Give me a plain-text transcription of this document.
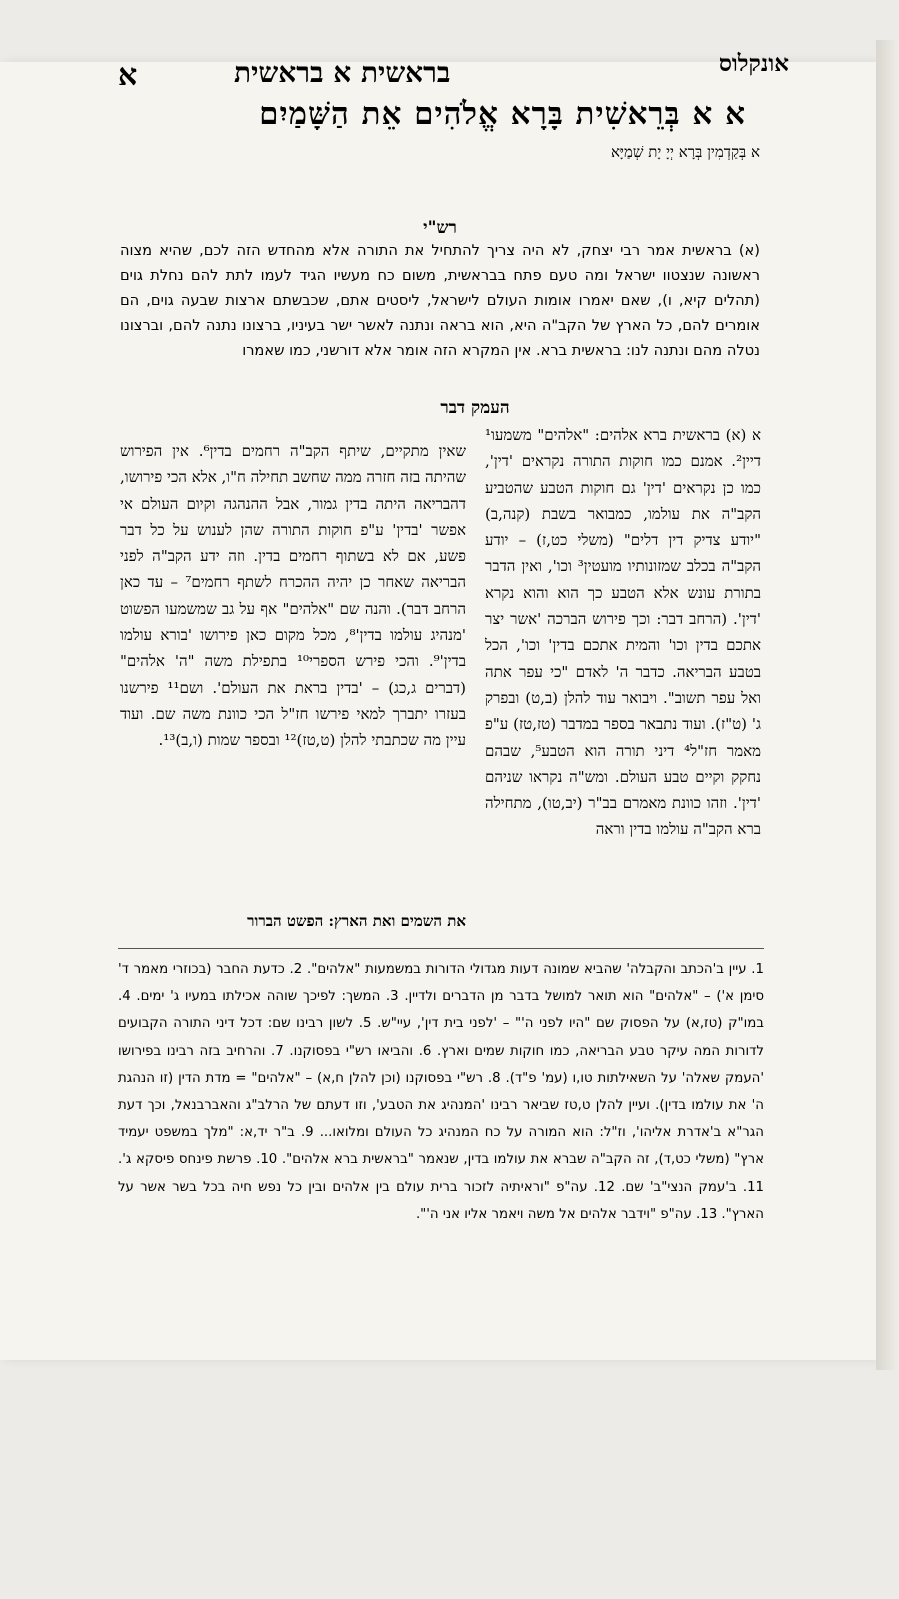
אונקלוס
בראשית א בראשית
א
א א בְּרֵאשִׁית בָּרָא אֱלֹהִים אֵת הַשָּׁמַיִם
א בְּקַדְמִין בְּרָא יְיָ יָת שְׁמַיָּא
רש"י
(א) בראשית אמר רבי יצחק, לא היה צריך להתחיל את התורה אלא מהחדש הזה לכם, שהיא מצוה ראשונה שנצטוו ישראל ומה טעם פתח בבראשית, משום כח מעשיו הגיד לעמו לתת להם נחלת גוים (תהלים קיא, ו), שאם יאמרו אומות העולם לישראל, ליסטים אתם, שכבשתם ארצות שבעה גוים, הם אומרים להם, כל הארץ של הקב"ה היא, הוא בראה ונתנה לאשר ישר בעיניו, ברצונו נתנה להם, וברצונו נטלה מהם ונתנה לנו: בראשית ברא. אין המקרא הזה אומר אלא דורשני, כמו שאמרו
העמק דבר
א (א) בראשית ברא אלהים: "אלהים" משמעו¹ דיין². אמנם כמו חוקות התורה נקראים 'דין', כמו כן נקראים 'דין' גם חוקות הטבע שהטביע הקב"ה את עולמו, כמבואר בשבת (קנה,ב) "יודע צדיק דין דלים" (משלי כט,ז) – יודע הקב"ה בכלב שמזונותיו מועטין³ וכו', ואין הדבר בתורת עונש אלא הטבע כך הוא והוא נקרא 'דין'. (הרחב דבר: וכך פירוש הברכה 'אשר יצר אתכם בדין וכו' והמית אתכם בדין' וכו', הכל בטבע הבריאה. כדבר ה' לאדם "כי עפר אתה ואל עפר תשוב". ויבואר עוד להלן (ב,ט) ובפרק ג' (ט"ז). ועוד נתבאר בספר במדבר (טז,טז) ע"פ מאמר חז"ל⁴ דיני תורה הוא הטבע⁵, שבהם נחקק וקיים טבע העולם. ומש"ה נקראו שניהם 'דין'. וזהו כוונת מאמרם בב"ר (יב,טו), מתחילה ברא הקב"ה עולמו בדין וראה
שאין מתקיים, שיתף הקב"ה רחמים בדין⁶. אין הפירוש שהיתה בזה חזרה ממה שחשב תחילה ח"ו, אלא הכי פירושו, דהבריאה היתה בדין גמור, אבל ההנהגה וקיום העולם אי אפשר 'בדין' ע"פ חוקות התורה שהן לענוש על כל דבר פשע, אם לא בשתוף רחמים בדין. וזה ידע הקב"ה לפני הבריאה שאחר כן יהיה ההכרח לשתף רחמים⁷ – עד כאן הרחב דבר). והנה שם "אלהים" אף על גב שמשמעו הפשוט 'מנהיג עולמו בדין'⁸, מכל מקום כאן פירושו 'בורא עולמו בדין'⁹. והכי פירש הספרי¹⁰ בתפילת משה "ה' אלהים" (דברים ג,כג) – 'בדין בראת את העולם'. ושם¹¹ פירשנו בעזרו יתברך למאי פירשו חז"ל הכי כוונת משה שם. ועוד עיין מה שכתבתי להלן (ט,טז)¹² ובספר שמות (ו,ב)¹³.
את השמים ואת הארץ: הפשט הברור
1. עיין ב'הכתב והקבלה' שהביא שמונה דעות מגדולי הדורות במשמעות "אלהים". 2. כדעת החבר (בכוזרי מאמר ד' סימן א') – "אלהים" הוא תואר למושל בדבר מן הדברים ולדיין. 3. המשך: לפיכך שוהה אכילתו במעיו ג' ימים. 4. במו"ק (טז,א) על הפסוק שם "היו לפני ה'" – 'לפני בית דין', עיי"ש. 5. לשון רבינו שם: דכל דיני התורה הקבועים לדורות המה עיקר טבע הבריאה, כמו חוקות שמים וארץ. 6. והביאו רש"י בפסוקנו. 7. והרחיב בזה רבינו בפירושו 'העמק שאלה' על השאילתות טו,ו (עמ' פ"ד). 8. רש"י בפסוקנו (וכן להלן ח,א) – "אלהים" = מדת הדין (זו הנהגת ה' את עולמו בדין). ועיין להלן ט,טז שביאר רבינו 'המנהיג את הטבע', וזו דעתם של הרלב"ג והאברבנאל, וכך דעת הגר"א ב'אדרת אליהו', וז"ל: הוא המורה על כח המנהיג כל העולם ומלואו... 9. ב"ר יד,א: "מלך במשפט יעמיד ארץ" (משלי כט,ד), זה הקב"ה שברא את עולמו בדין, שנאמר "בראשית ברא אלהים". 10. פרשת פינחס פיסקא ג'. 11. ב'עמק הנצי"ב' שם. 12. עה"פ "וראיתיה לזכור ברית עולם בין אלהים ובין כל נפש חיה בכל בשר אשר על הארץ". 13. עה"פ "וידבר אלהים אל משה ויאמר אליו אני ה'".
